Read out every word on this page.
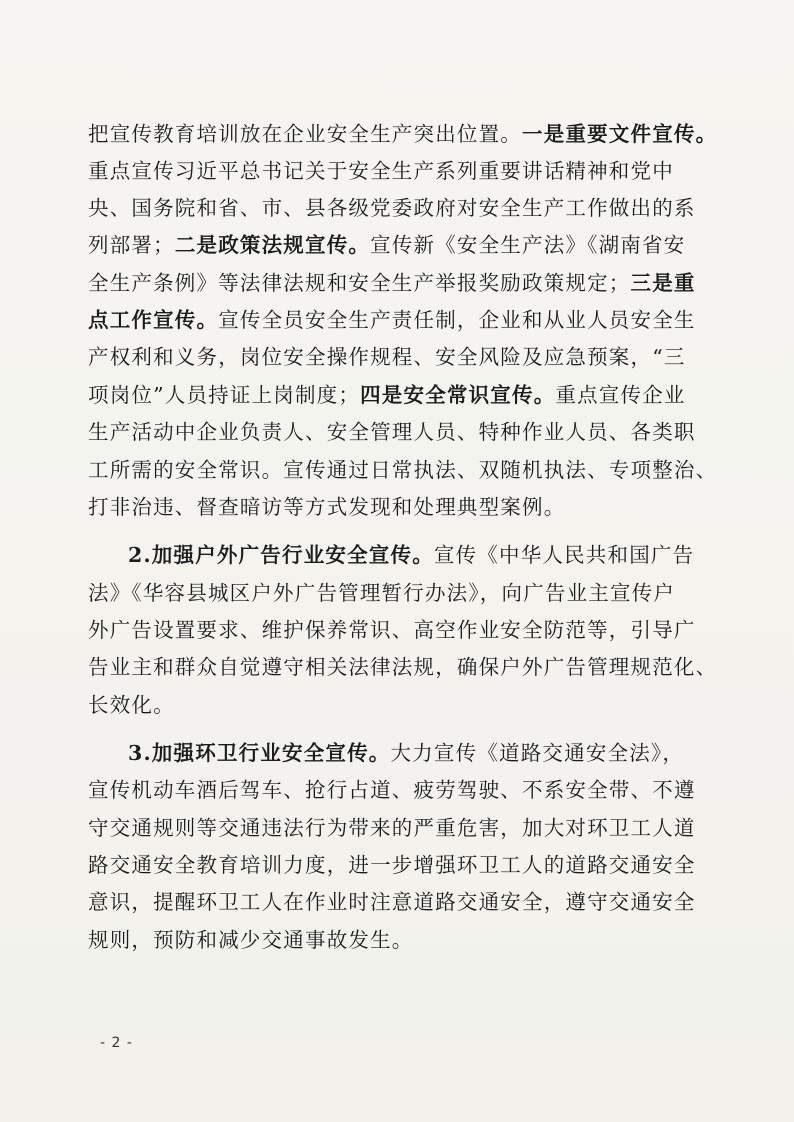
把宣传教育培训放在企业安全生产突出位置。一是重要文件宣传。
重点宣传习近平总书记关于安全生产系列重要讲话精神和党中
央、国务院和省、市、县各级党委政府对安全生产工作做出的系
列部署；二是政策法规宣传。宣传新《安全生产法》《湖南省安
全生产条例》等法律法规和安全生产举报奖励政策规定；三是重
点工作宣传。宣传全员安全生产责任制，企业和从业人员安全生
产权利和义务，岗位安全操作规程、安全风险及应急预案，“三
项岗位”人员持证上岗制度；四是安全常识宣传。重点宣传企业
生产活动中企业负责人、安全管理人员、特种作业人员、各类职
工所需的安全常识。宣传通过日常执法、双随机执法、专项整治、
打非治违、督查暗访等方式发现和处理典型案例。
2.加强户外广告行业安全宣传。宣传《中华人民共和国广告
法》《华容县城区户外广告管理暂行办法》，向广告业主宣传户
外广告设置要求、维护保养常识、高空作业安全防范等，引导广
告业主和群众自觉遵守相关法律法规，确保户外广告管理规范化、
长效化。
3.加强环卫行业安全宣传。大力宣传《道路交通安全法》，
宣传机动车酒后驾车、抢行占道、疲劳驾驶、不系安全带、不遵
守交通规则等交通违法行为带来的严重危害，加大对环卫工人道
路交通安全教育培训力度，进一步增强环卫工人的道路交通安全
意识，提醒环卫工人在作业时注意道路交通安全，遵守交通安全
规则，预防和减少交通事故发生。
- 2 -
